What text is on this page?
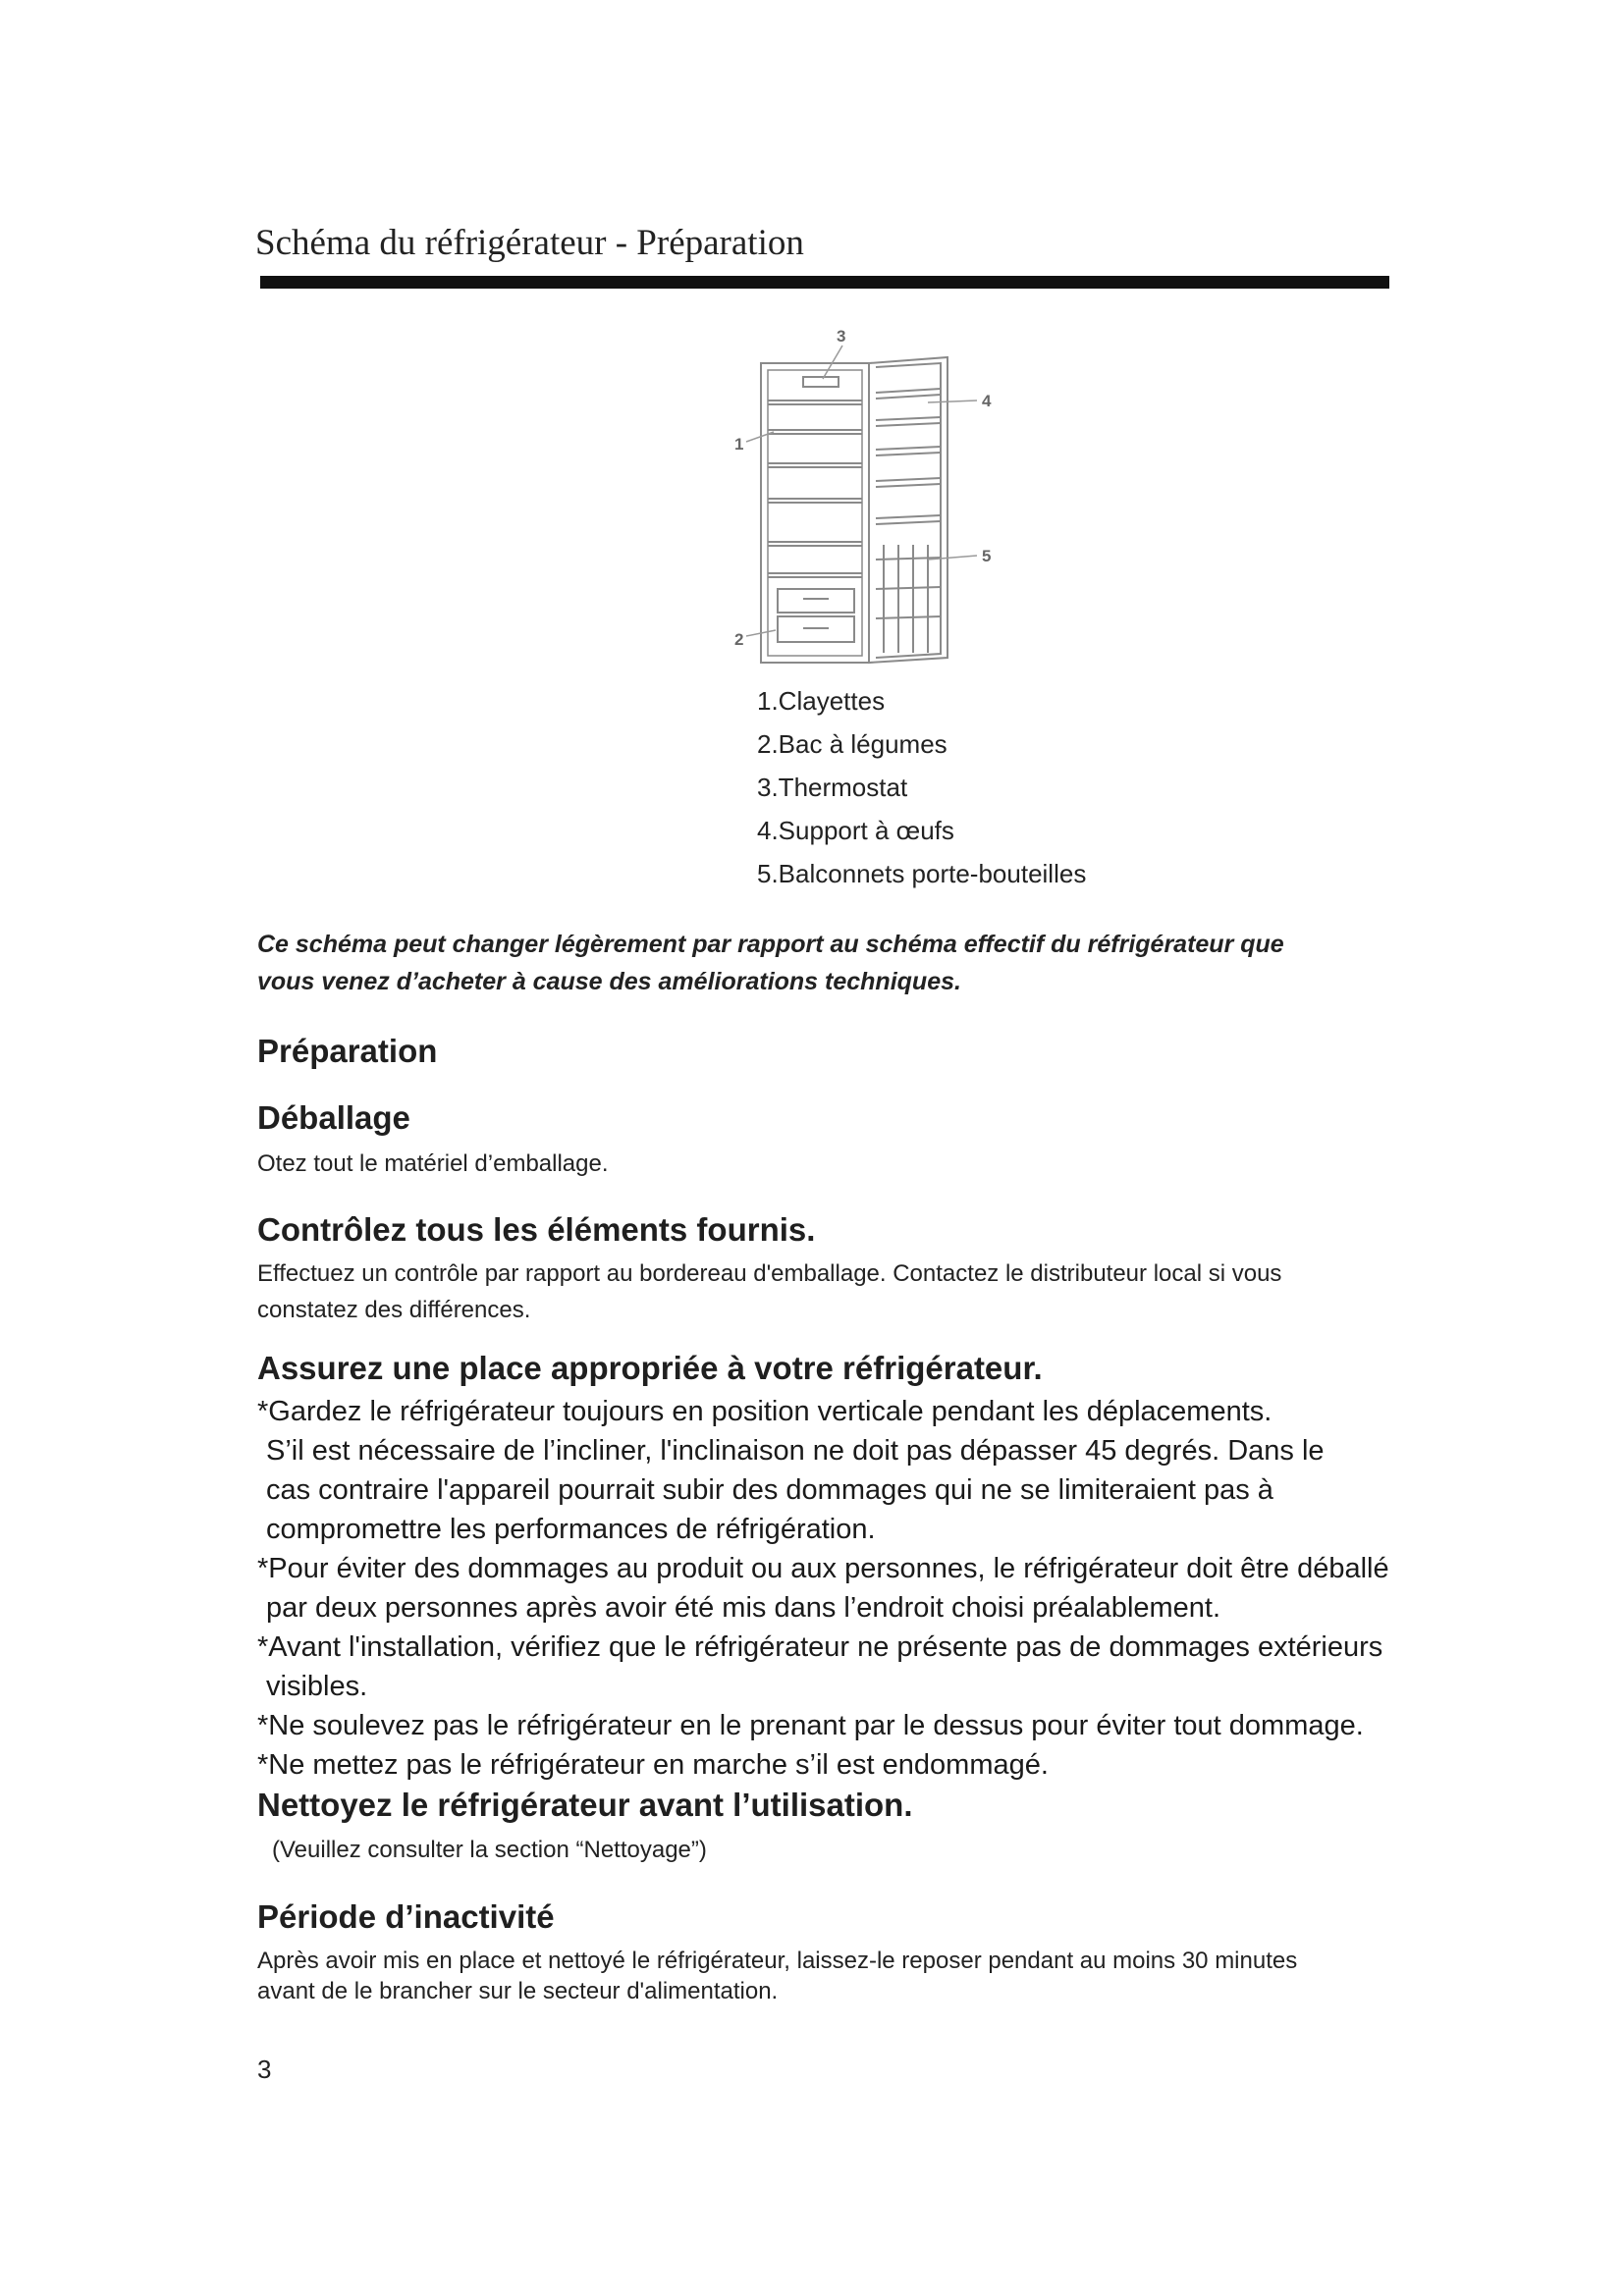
Schéma du réfrigérateur - Préparation
1
2
3
4
5
1.Clayettes
2.Bac à légumes
3.Thermostat
4.Support à œufs
5.Balconnets porte-bouteilles
Ce schéma peut changer légèrement par rapport au schéma effectif du réfrigérateur que
vous venez d’acheter à cause des améliorations techniques.
Préparation
Déballage
Otez tout le matériel d’emballage.
Contrôlez tous les éléments fournis.
Effectuez un contrôle par rapport au bordereau d'emballage. Contactez le distributeur local si vous
constatez des différences.
Assurez une place appropriée à votre réfrigérateur.
*Gardez le réfrigérateur toujours en position verticale pendant les déplacements.
S’il est nécessaire de l’incliner, l'inclinaison ne doit pas dépasser 45 degrés. Dans le
cas contraire l'appareil pourrait subir des dommages qui ne se limiteraient pas à
compromettre les performances de réfrigération.
*Pour éviter des dommages au produit ou aux personnes, le réfrigérateur doit être déballé
par deux personnes après avoir été mis dans l’endroit choisi préalablement.
*Avant l'installation, vérifiez que le réfrigérateur ne présente pas de dommages extérieurs
visibles.
*Ne soulevez pas le réfrigérateur en le prenant par le dessus pour éviter tout dommage.
*Ne mettez pas le réfrigérateur en marche s’il est endommagé.
Nettoyez le réfrigérateur avant l’utilisation.
(Veuillez consulter la section “Nettoyage”)
Période d’inactivité
Après avoir mis en place et nettoyé le réfrigérateur, laissez-le reposer pendant au moins 30 minutes
avant de le brancher sur le secteur d'alimentation.
3
